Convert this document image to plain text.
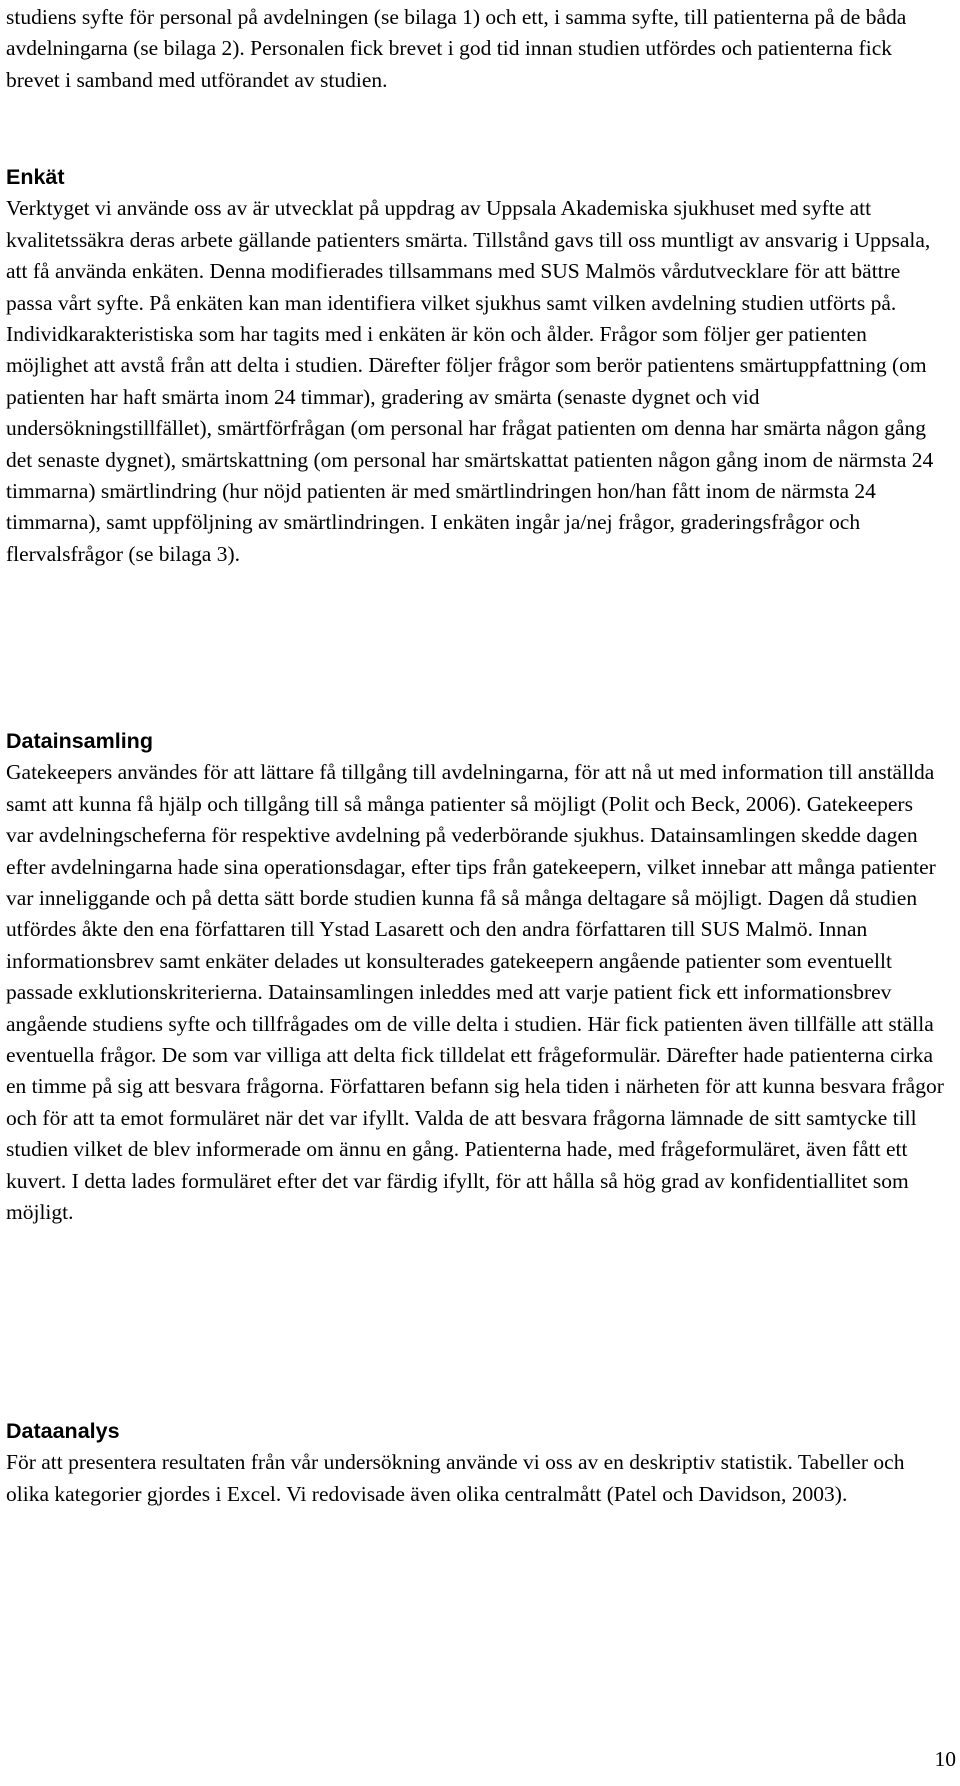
studiens syfte för personal på avdelningen (se bilaga 1) och ett, i samma syfte, till patienterna på de båda avdelningarna (se bilaga 2). Personalen fick brevet i god tid innan studien utfördes och patienterna fick brevet i samband med utförandet av studien.

Enkät

Verktyget vi använde oss av är utvecklat på uppdrag av Uppsala Akademiska sjukhuset med syfte att kvalitetssäkra deras arbete gällande patienters smärta. Tillstånd gavs till oss muntligt av ansvarig i Uppsala, att få använda enkäten. Denna modifierades tillsammans med SUS Malmös vårdutvecklare för att bättre passa vårt syfte. På enkäten kan man identifiera vilket sjukhus samt vilken avdelning studien utförts på. Individkarakteristiska som har tagits med i enkäten är kön och ålder. Frågor som följer ger patienten möjlighet att avstå från att delta i studien. Därefter följer frågor som berör patientens smärtuppfattning (om patienten har haft smärta inom 24 timmar), gradering av smärta (senaste dygnet och vid undersökningstillfället), smärtförfrågan (om personal har frågat patienten om denna har smärta någon gång det senaste dygnet), smärtskattning (om personal har smärtskattat patienten någon gång inom de närmsta 24 timmarna) smärtlindring (hur nöjd patienten är med smärtlindringen hon/han fått inom de närmsta 24 timmarna), samt uppföljning av smärtlindringen. I enkäten ingår ja/nej frågor, graderingsfrågor och flervalsfrågor (se bilaga 3).

Datainsamling

Gatekeepers användes för att lättare få tillgång till avdelningarna, för att nå ut med information till anställda samt att kunna få hjälp och tillgång till så många patienter så möjligt (Polit och Beck, 2006). Gatekeepers var avdelningscheferna för respektive avdelning på vederbörande sjukhus. Datainsamlingen skedde dagen efter avdelningarna hade sina operationsdagar, efter tips från gatekeepern, vilket innebar att många patienter var inneliggande och på detta sätt borde studien kunna få så många deltagare så möjligt. Dagen då studien utfördes åkte den ena författaren till Ystad Lasarett och den andra författaren till SUS Malmö. Innan informationsbrev samt enkäter delades ut konsulterades gatekeepern angående patienter som eventuellt passade exklutionskriterierna. Datainsamlingen inleddes med att varje patient fick ett informationsbrev angående studiens syfte och tillfrågades om de ville delta i studien. Här fick patienten även tillfälle att ställa eventuella frågor. De som var villiga att delta fick tilldelat ett frågeformulär. Därefter hade patienterna cirka en timme på sig att besvara frågorna. Författaren befann sig hela tiden i närheten för att kunna besvara frågor och för att ta emot formuläret när det var ifyllt. Valda de att besvara frågorna lämnade de sitt samtycke till studien vilket de blev informerade om ännu en gång. Patienterna hade, med frågeformuläret, även fått ett kuvert. I detta lades formuläret efter det var färdig ifyllt, för att hålla så hög grad av konfidentiallitet som möjligt.

Dataanalys

För att presentera resultaten från vår undersökning använde vi oss av en deskriptiv statistik. Tabeller och olika kategorier gjordes i Excel. Vi redovisade även olika centralmått (Patel och Davidson, 2003).

10
